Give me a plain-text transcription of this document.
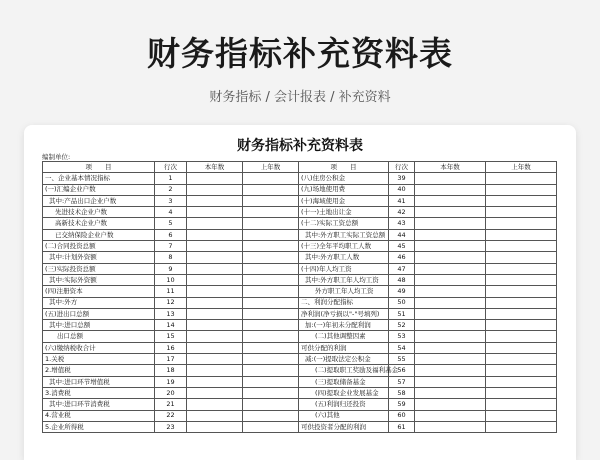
财务指标补充资料表
财务指标 / 会计报表 / 补充资料
财务指标补充资料表
编制单位:
项　　目	行次	本年数	上年数	项　　目	行次	本年数	上年数
一、企业基本情况指标	1			(八)住房公积金	39		
(一)汇编企业户数	2			(九)场地使用费	40		
其中:产品出口企业户数	3			(十)海域使用金	41		
先进技术企业户数	4			(十一)土地出让金	42		
高新技术企业户数	5			(十二)实际工资总额	43		
已交纳保险企业户数	6			其中:外方职工实际工资总额	44		
(二)合同投资总额	7			(十三)全年平均职工人数	45		
其中:计划外资额	8			其中:外方职工人数	46		
(三)实际投资总额	9			(十四)年人均工资	47		
其中:实际外资额	10			其中:外方职工年人均工资	48		
(四)注册资本	11			外方职工年人均工资	49		
其中:外方	12			二、利润分配指标	50		
(五)进出口总额	13			净利润(净亏损以"-"号填列)	51		
其中:进口总额	14			加:(一)年初未分配利润	52		
出口总额	15			(二)其他调整因素	53		
(六)缴纳税收合计	16			可供分配的利润	54		
1.关税	17			减:(一)提取法定公积金	55		
2.增值税	18			(二)提取职工奖励及福利基金	56		
其中:进口环节增值税	19			(三)提取储备基金	57		
3.消费税	20			(四)提取企业发展基金	58		
其中:进口环节消费税	21			(五)利润归还投资	59		
4.营业税	22			(六)其他	60		
5.企业所得税	23			可供投资者分配的利润	61		
